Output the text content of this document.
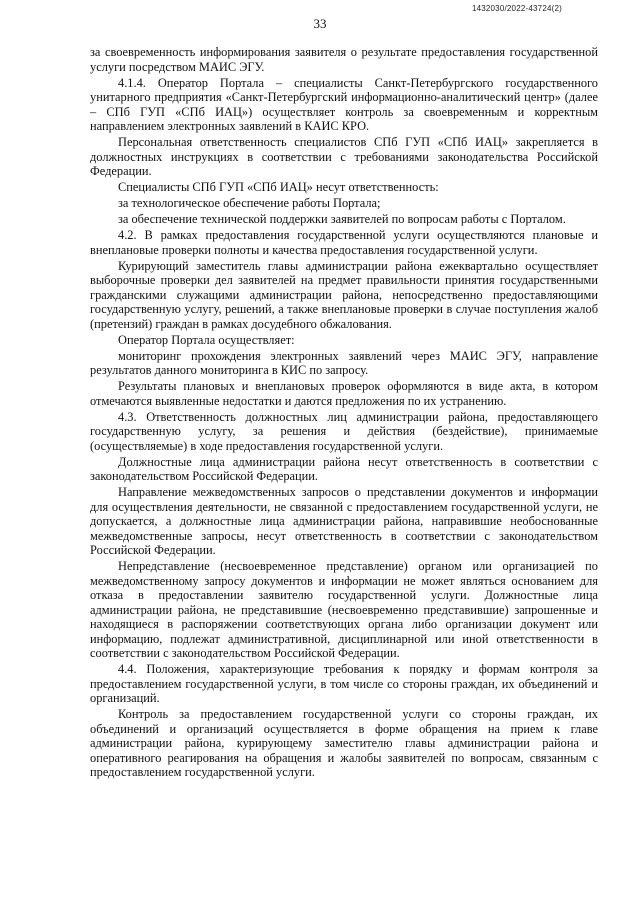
1432030/2022-43724(2)
33

за своевременность информирования заявителя о результате предоставления государственной услуги посредством МАИС ЭГУ.

4.1.4. Оператор Портала – специалисты Санкт-Петербургского государственного унитарного предприятия «Санкт-Петербургский информационно-аналитический центр» (далее – СПб ГУП «СПб ИАЦ») осуществляет контроль за своевременным и корректным направлением электронных заявлений в КАИС КРО.

Персональная ответственность специалистов СПб ГУП «СПб ИАЦ» закрепляется в должностных инструкциях в соответствии с требованиями законодательства Российской Федерации.

Специалисты СПб ГУП «СПб ИАЦ» несут ответственность:

за технологическое обеспечение работы Портала;

за обеспечение технической поддержки заявителей по вопросам работы с Порталом.

4.2. В рамках предоставления государственной услуги осуществляются плановые и внеплановые проверки полноты и качества предоставления государственной услуги.

Курирующий заместитель главы администрации района ежеквартально осуществляет выборочные проверки дел заявителей на предмет правильности принятия государственными гражданскими служащими администрации района, непосредственно предоставляющими государственную услугу, решений, а также внеплановые проверки в случае поступления жалоб (претензий) граждан в рамках досудебного обжалования.

Оператор Портала осуществляет:

мониторинг прохождения электронных заявлений через МАИС ЭГУ, направление результатов данного мониторинга в КИС по запросу.

Результаты плановых и внеплановых проверок оформляются в виде акта, в котором отмечаются выявленные недостатки и даются предложения по их устранению.

4.3. Ответственность должностных лиц администрации района, предоставляющего государственную услугу, за решения и действия (бездействие), принимаемые (осуществляемые) в ходе предоставления государственной услуги.

Должностные лица администрации района несут ответственность в соответствии с законодательством Российской Федерации.

Направление межведомственных запросов о представлении документов и информации для осуществления деятельности, не связанной с предоставлением государственной услуги, не допускается, а должностные лица администрации района, направившие необоснованные межведомственные запросы, несут ответственность в соответствии с законодательством Российской Федерации.

Непредставление (несвоевременное представление) органом или организацией по межведомственному запросу документов и информации не может являться основанием для отказа в предоставлении заявителю государственной услуги. Должностные лица администрации района, не представившие (несвоевременно представившие) запрошенные и находящиеся в распоряжении соответствующих органа либо организации документ или информацию, подлежат административной, дисциплинарной или иной ответственности в соответствии с законодательством Российской Федерации.

4.4. Положения, характеризующие требования к порядку и формам контроля за предоставлением государственной услуги, в том числе со стороны граждан, их объединений и организаций.

Контроль за предоставлением государственной услуги со стороны граждан, их объединений и организаций осуществляется в форме обращения на прием к главе администрации района, курирующему заместителю главы администрации района и оперативного реагирования на обращения и жалобы заявителей по вопросам, связанным с предоставлением государственной услуги.
